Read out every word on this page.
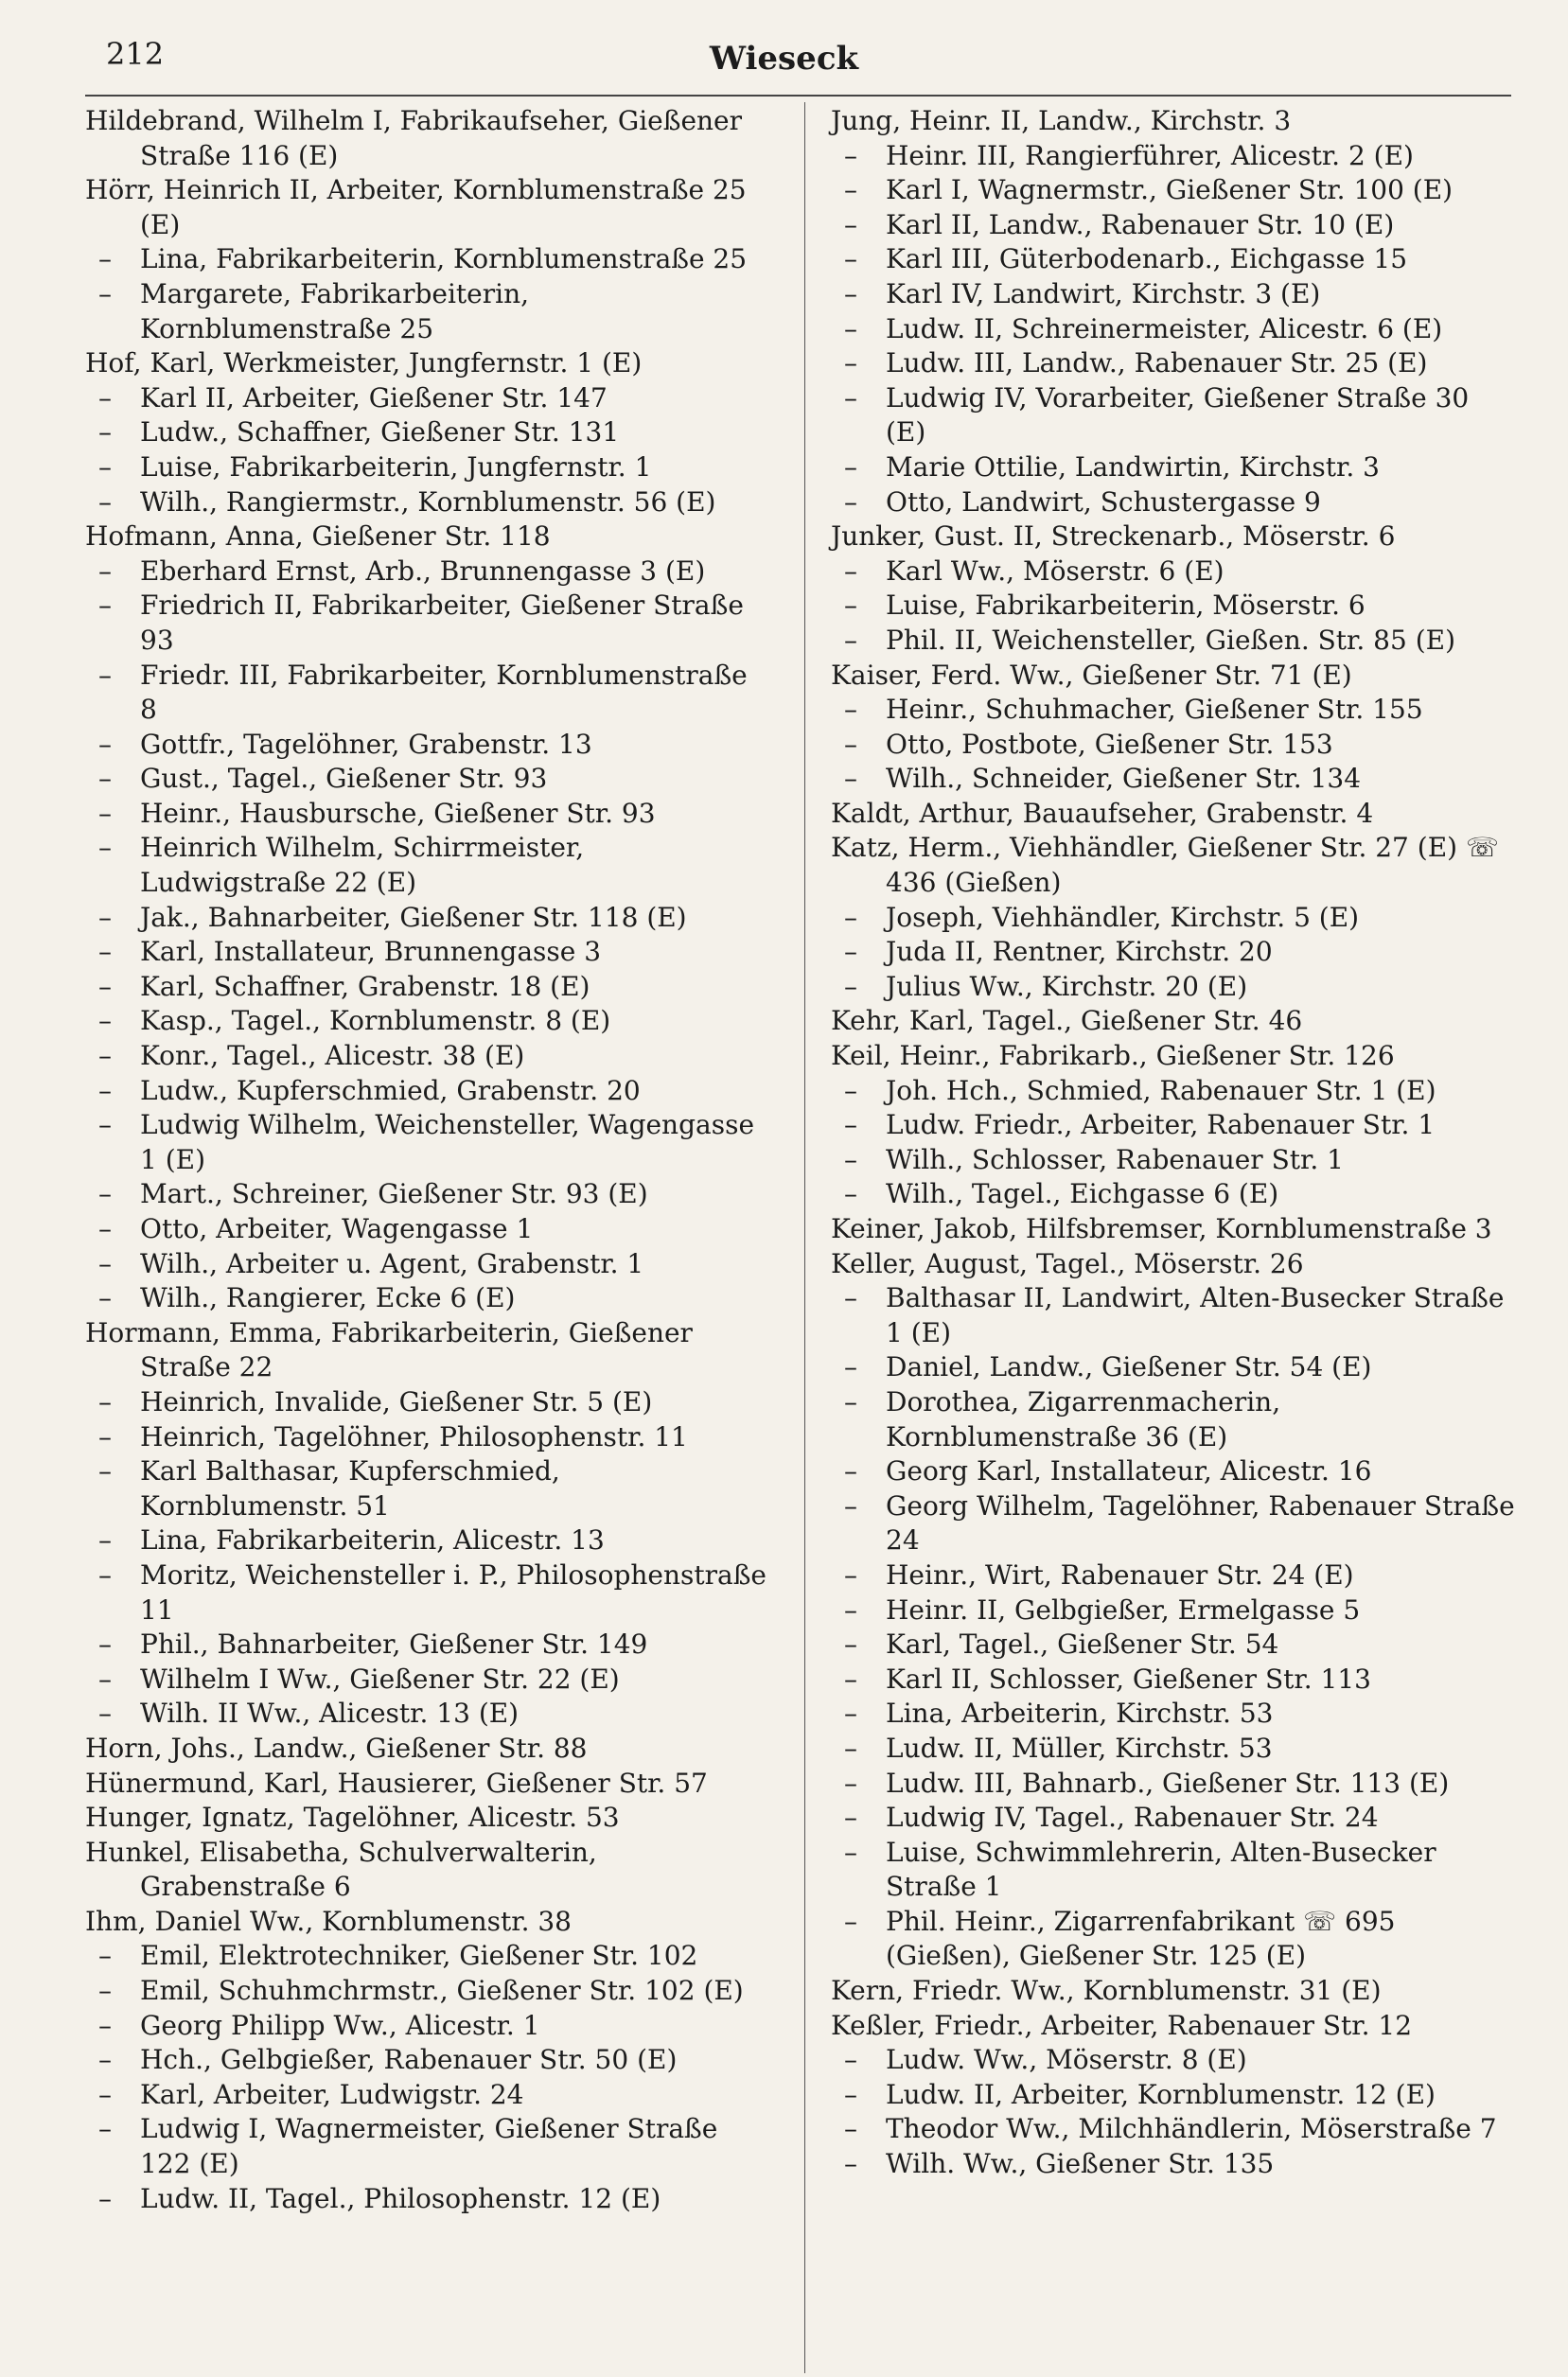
212	Wieseck
Hildebrand, Wilhelm I, Fabrikaufseher, Gießener Straße 116 (E)
Hörr, Heinrich II, Arbeiter, Kornblumenstraße 25 (E)
– Lina, Fabrikarbeiterin, Kornblumenstraße 25
– Margarete, Fabrikarbeiterin, Kornblumenstraße 25
Hof, Karl, Werkmeister, Jungfernstr. 1 (E)
– Karl II, Arbeiter, Gießener Str. 147
– Ludw., Schaffner, Gießener Str. 131
– Luise, Fabrikarbeiterin, Jungfernstr. 1
– Wilh., Rangiermstr., Kornblumenstr. 56 (E)
Hofmann, Anna, Gießener Str. 118
– Eberhard Ernst, Arb., Brunnengasse 3 (E)
– Friedrich II, Fabrikarbeiter, Gießener Straße 93
– Friedr. III, Fabrikarbeiter, Kornblumenstraße 8
– Gottfr., Tagelöhner, Grabenstr. 13
– Gust., Tagel., Gießener Str. 93
– Heinr., Hausbursche, Gießener Str. 93
– Heinrich Wilhelm, Schirrmeister, Ludwigstraße 22 (E)
– Jak., Bahnarbeiter, Gießener Str. 118 (E)
– Karl, Installateur, Brunnengasse 3
– Karl, Schaffner, Grabenstr. 18 (E)
– Kasp., Tagel., Kornblumenstr. 8 (E)
– Konr., Tagel., Alicestr. 38 (E)
– Ludw., Kupferschmied, Grabenstr. 20
– Ludwig Wilhelm, Weichensteller, Wagengasse 1 (E)
– Mart., Schreiner, Gießener Str. 93 (E)
– Otto, Arbeiter, Wagengasse 1
– Wilh., Arbeiter u. Agent, Grabenstr. 1
– Wilh., Rangierer, Ecke 6 (E)
Hormann, Emma, Fabrikarbeiterin, Gießener Straße 22
– Heinrich, Invalide, Gießener Str. 5 (E)
– Heinrich, Tagelöhner, Philosophenstr. 11
– Karl Balthasar, Kupferschmied, Kornblumenstr. 51
– Lina, Fabrikarbeiterin, Alicestr. 13
– Moritz, Weichensteller i. P., Philosophenstraße 11
– Phil., Bahnarbeiter, Gießener Str. 149
– Wilhelm I Ww., Gießener Str. 22 (E)
– Wilh. II Ww., Alicestr. 13 (E)
Horn, Johs., Landw., Gießener Str. 88
Hünermund, Karl, Hausierer, Gießener Str. 57
Hunger, Ignatz, Tagelöhner, Alicestr. 53
Hunkel, Elisabetha, Schulverwalterin, Grabenstraße 6
Ihm, Daniel Ww., Kornblumenstr. 38
– Emil, Elektrotechniker, Gießener Str. 102
– Emil, Schuhmchrmstr., Gießener Str. 102 (E)
– Georg Philipp Ww., Alicestr. 1
– Hch., Gelbgießer, Rabenauer Str. 50 (E)
– Karl, Arbeiter, Ludwigstr. 24
– Ludwig I, Wagnermeister, Gießener Straße 122 (E)
– Ludw. II, Tagel., Philosophenstr. 12 (E)
Jung, Heinr. II, Landw., Kirchstr. 3
– Heinr. III, Rangierführer, Alicestr. 2 (E)
– Karl I, Wagnermstr., Gießener Str. 100 (E)
– Karl II, Landw., Rabenauer Str. 10 (E)
– Karl III, Güterbodenarb., Eichgasse 15
– Karl IV, Landwirt, Kirchstr. 3 (E)
– Ludw. II, Schreinermeister, Alicestr. 6 (E)
– Ludw. III, Landw., Rabenauer Str. 25 (E)
– Ludwig IV, Vorarbeiter, Gießener Straße 30 (E)
– Marie Ottilie, Landwirtin, Kirchstr. 3
– Otto, Landwirt, Schustergasse 9
Junker, Gust. II, Streckenarb., Möserstr. 6
– Karl Ww., Möserstr. 6 (E)
– Luise, Fabrikarbeiterin, Möserstr. 6
– Phil. II, Weichensteller, Gießen. Str. 85 (E)
Kaiser, Ferd. Ww., Gießener Str. 71 (E)
– Heinr., Schuhmacher, Gießener Str. 155
– Otto, Postbote, Gießener Str. 153
– Wilh., Schneider, Gießener Str. 134
Kaldt, Arthur, Bauaufseher, Grabenstr. 4
Katz, Herm., Viehhändler, Gießener Str. 27 (E) ☏ 436 (Gießen)
– Joseph, Viehhändler, Kirchstr. 5 (E)
– Juda II, Rentner, Kirchstr. 20
– Julius Ww., Kirchstr. 20 (E)
Kehr, Karl, Tagel., Gießener Str. 46
Keil, Heinr., Fabrikarb., Gießener Str. 126
– Joh. Hch., Schmied, Rabenauer Str. 1 (E)
– Ludw. Friedr., Arbeiter, Rabenauer Str. 1
– Wilh., Schlosser, Rabenauer Str. 1
– Wilh., Tagel., Eichgasse 6 (E)
Keiner, Jakob, Hilfsbremser, Kornblumenstraße 3
Keller, August, Tagel., Möserstr. 26
– Balthasar II, Landwirt, Alten-Busecker Straße 1 (E)
– Daniel, Landw., Gießener Str. 54 (E)
– Dorothea, Zigarrenmacherin, Kornblumenstraße 36 (E)
– Georg Karl, Installateur, Alicestr. 16
– Georg Wilhelm, Tagelöhner, Rabenauer Straße 24
– Heinr., Wirt, Rabenauer Str. 24 (E)
– Heinr. II, Gelbgießer, Ermelgasse 5
– Karl, Tagel., Gießener Str. 54
– Karl II, Schlosser, Gießener Str. 113
– Lina, Arbeiterin, Kirchstr. 53
– Ludw. II, Müller, Kirchstr. 53
– Ludw. III, Bahnarb., Gießener Str. 113 (E)
– Ludwig IV, Tagel., Rabenauer Str. 24
– Luise, Schwimmlehrerin, Alten-Busecker Straße 1
– Phil. Heinr., Zigarrenfabrikant ☏ 695 (Gießen), Gießener Str. 125 (E)
Kern, Friedr. Ww., Kornblumenstr. 31 (E)
Keßler, Friedr., Arbeiter, Rabenauer Str. 12
– Ludw. Ww., Möserstr. 8 (E)
– Ludw. II, Arbeiter, Kornblumenstr. 12 (E)
– Theodor Ww., Milchhändlerin, Möserstraße 7
– Wilh. Ww., Gießener Str. 135
